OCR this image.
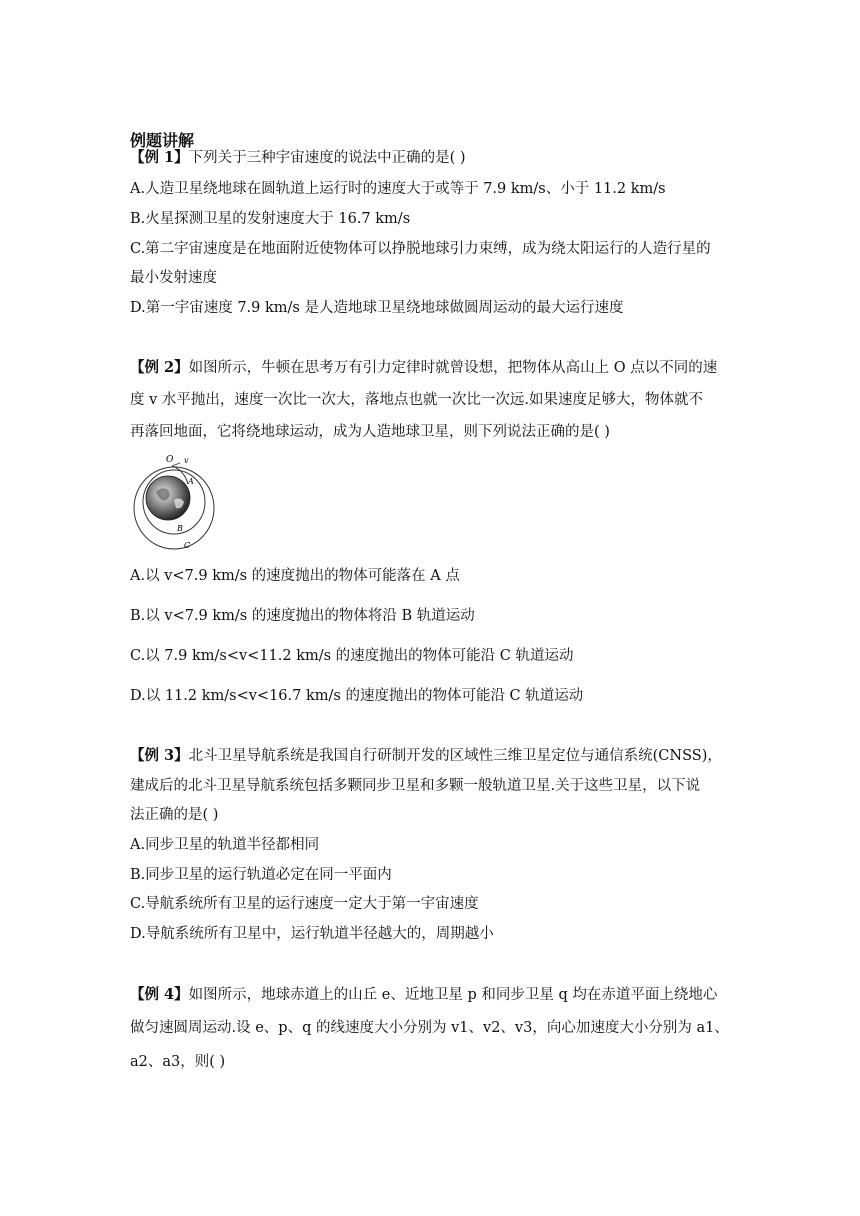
例题讲解
【例 1】下列关于三种宇宙速度的说法中正确的是( )
A.人造卫星绕地球在圆轨道上运行时的速度大于或等于 7.9 km/s、小于 11.2 km/s
B.火星探测卫星的发射速度大于 16.7 km/s
C.第二宇宙速度是在地面附近使物体可以挣脱地球引力束缚，成为绕太阳运行的人造行星的
最小发射速度
D.第一宇宙速度 7.9 km/s 是人造地球卫星绕地球做圆周运动的最大运行速度
【例 2】如图所示，牛顿在思考万有引力定律时就曾设想，把物体从高山上 O 点以不同的速
度 v 水平抛出，速度一次比一次大，落地点也就一次比一次远.如果速度足够大，物体就不
再落回地面，它将绕地球运动，成为人造地球卫星，则下列说法正确的是( )
O v
A
B
C
A.以 v<7.9 km/s 的速度抛出的物体可能落在 A 点
B.以 v<7.9 km/s 的速度抛出的物体将沿 B 轨道运动
C.以 7.9 km/s<v<11.2 km/s 的速度抛出的物体可能沿 C 轨道运动
D.以 11.2 km/s<v<16.7 km/s 的速度抛出的物体可能沿 C 轨道运动
【例 3】北斗卫星导航系统是我国自行研制开发的区域性三维卫星定位与通信系统(CNSS)，
建成后的北斗卫星导航系统包括多颗同步卫星和多颗一般轨道卫星.关于这些卫星，以下说
法正确的是( )
A.同步卫星的轨道半径都相同
B.同步卫星的运行轨道必定在同一平面内
C.导航系统所有卫星的运行速度一定大于第一宇宙速度
D.导航系统所有卫星中，运行轨道半径越大的，周期越小
【例 4】如图所示，地球赤道上的山丘 e、近地卫星 p 和同步卫星 q 均在赤道平面上绕地心
做匀速圆周运动.设 e、p、q 的线速度大小分别为 v1、v2、v3，向心加速度大小分别为 a1、
a2、a3，则( )
